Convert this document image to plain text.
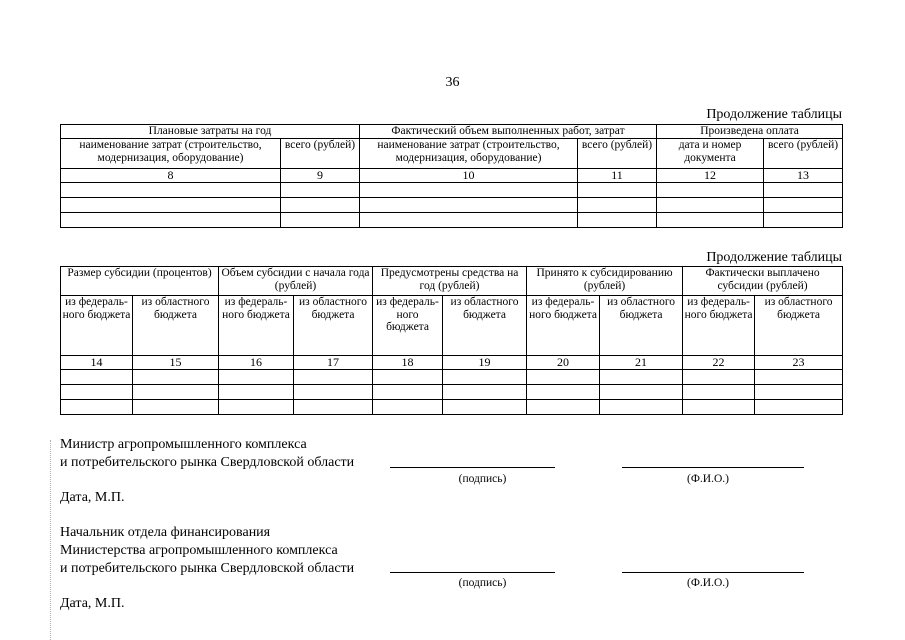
36
Продолжение таблицы
Плановые затраты на год		Фактический объем выполненных работ, затрат		Произведена оплата	
наименование затрат (строительство, модернизация, оборудование)	всего (рублей)	наименование затрат (строительство, модернизация, оборудование)	всего (рублей)	дата и номер документа	всего (рублей)
8	9	10	11	12	13

Продолжение таблицы
Размер субсидии (процентов)		Объем субсидии с начала года (рублей)		Предусмотрены средства на год (рублей)		Принято к субсидированию (рублей)		Фактически выплачено субсидии (рублей)	
из федераль- ного бюджета	из областного бюджета	из федераль- ного бюджета	из областного бюджета	из федераль- ного бюджета	из областного бюджета	из федераль- ного бюджета	из областного бюджета	из федераль- ного бюджета	из областного бюджета
14	15	16	17	18	19	20	21	22	23

Министр агропромышленного комплекса
и потребительского рынка Свердловской области
(подпись)	(Ф.И.О.)
Дата, М.П.
Начальник отдела финансирования
Министерства агропромышленного комплекса
и потребительского рынка Свердловской области
(подпись)	(Ф.И.О.)
Дата, М.П.
